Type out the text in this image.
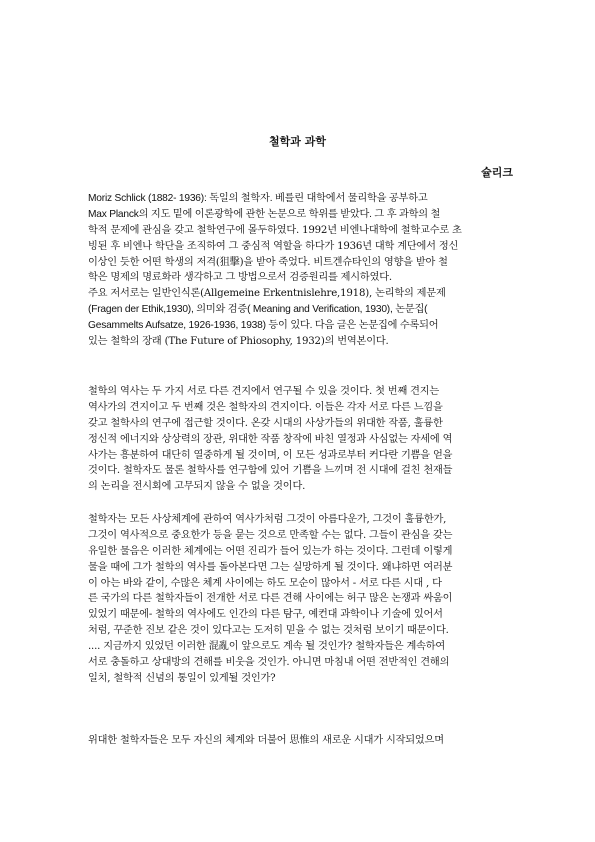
철학과 과학
슐리크
Moriz Schlick (1882- 1936): 독일의 철학자. 베를린 대학에서 물리학을 공부하고
Max Planck의 지도 밑에 이론광학에 관한 논문으로 학위를 받았다. 그 후 과학의 철
학적 문제에 관심을 갖고 철학연구에 몰두하였다. 1992년 비엔나대학에 철학교수로 초
빙된 후 비엔나 학단을 조직하여 그 중심적 역할을 하다가 1936년 대학 계단에서 정신
이상인 듯한 어떤 학생의 저격(狙擊)을 받아 죽었다. 비트겐슈타인의 영향을 받아 철
학은 명제의 명료화라 생각하고 그 방법으로서 검증원리를 제시하였다.
주요 저서로는 일반인식론(Allgemeine Erkentnislehre,1918), 논리학의 제문제
(Fragen der Ethik,1930), 의미와 검증( Meaning and Verification, 1930), 논문집(
Gesammelts Aufsatze, 1926-1936, 1938) 등이 있다. 다음 글은 논문집에 수록되어
있는 철학의 장래 (The Future of Phiosophy, 1932)의 번역본이다.
철학의 역사는 두 가지 서로 다른 견지에서 연구될 수 있을 것이다. 첫 번째 견지는
역사가의 견지이고 두 번째 것은 철학자의 견지이다. 이들은 각자 서로 다른 느낌을
갖고 철학사의 연구에 접근할 것이다. 온갖 시대의 사상가들의 위대한 작품, 훌륭한
정신적 에너지와 상상력의 장관, 위대한 작품 창작에 바친 열정과 사심없는 자세에 역
사가는 흥분하여 대단히 열중하게 될 것이며, 이 모든 성과로부터 커다란 기쁨을 얻을
것이다. 철학자도 물론 철학사를 연구함에 있어 기쁨을 느끼며 전 시대에 걸친 천재들
의 논리을 전시회에 고무되지 않을 수 없을 것이다.
철학자는 모든 사상체계에 관하여 역사가처럼 그것이 아름다운가, 그것이 훌륭한가,
그것이 역사적으로 중요한가 등을 묻는 것으로 만족할 수는 없다. 그들이 관심을 갖는
유일한 물음은 이러한 체계에는 어떤 진리가 들어 있는가 하는 것이다. 그런데 이렇게
물을 때에 그가 철학의 역사를 돌아본다면 그는 실망하게 될 것이다. 왜냐하면 여러분
이 아는 바와 같이, 수많은 체계 사이에는 하도 모순이 많아서 - 서로 다른 시대 , 다
른 국가의 다른 철학자들이 전개한 서로 다른 견해 사이에는 허구 많은 논쟁과 싸움이
있었기 때문에- 철학의 역사에도 인간의 다른 탐구, 예컨대 과학이나 기술에 있어서
처럼, 꾸준한 진보 같은 것이 있다고는 도저히 믿을 수 없는 것처럼 보이기 때문이다.
.... 지금까지 있었던 이러한 混亂이 앞으로도 계속 될 것인가? 철학자들은 계속하여
서로 충돌하고 상대방의 견해를 비웃을 것인가. 아니면 마침내 어떤 전반적인 견해의
일치, 철학적 신념의 통일이 있게될 것인가?
위대한 철학자들은 모두 자신의 체계와 더불어 思惟의 새로운 시대가 시작되었으며
